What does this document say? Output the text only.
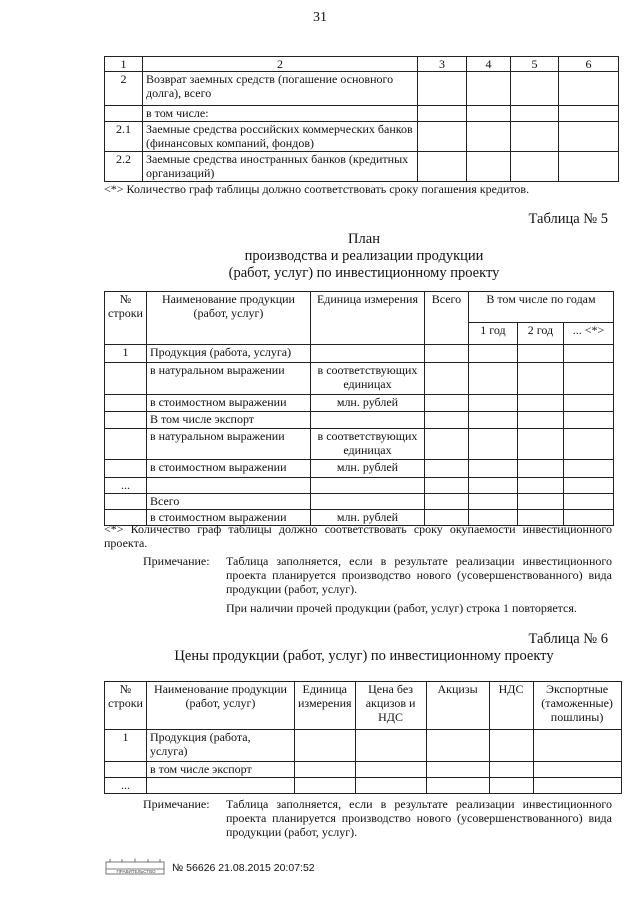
31
1	2	3	4	5	6
2	Возврат заемных средств (погашение основного долга), всего				
	в том числе:				
2.1	Заемные средства российских коммерческих банков (финансовых компаний, фондов)				
2.2	Заемные средства иностранных банков (кредитных организаций)				
<*> Количество граф таблицы должно соответствовать сроку погашения кредитов.
Таблица № 5
План
производства и реализации продукции
(работ, услуг) по инвестиционному проекту
№ строки	Наименование продукции (работ, услуг)	Единица измерения	Всего	В том числе по годам		
				1 год	2 год	... <*>
1	Продукция (работа, услуга)					
	в натуральном выражении	в соответствующих единицах				
	в стоимостном выражении	млн. рублей				
	В том числе экспорт					
	в натуральном выражении	в соответствующих единицах				
	в стоимостном выражении	млн. рублей				
...						
	Всего					
	в стоимостном выражении	млн. рублей				
<*> Количество граф таблицы должно соответствовать сроку окупаемости инвестиционного проекта.
Примечание: Таблица заполняется, если в результате реализации инвестиционного проекта планируется производство нового (усовершенствованного) вида продукции (работ, услуг).
При наличии прочей продукции (работ, услуг) строка 1 повторяется.
Таблица № 6
Цены продукции (работ, услуг) по инвестиционному проекту
№ строки	Наименование продукции (работ, услуг)	Единица измерения	Цена без акцизов и НДС	Акцизы	НДС	Экспортные (таможенные) пошлины)
1	Продукция (работа, услуга)					
	в том числе экспорт					
...						
Примечание: Таблица заполняется, если в результате реализации инвестиционного проекта планируется производство нового (усовершенствованного) вида продукции (работ, услуг).
ПРАВИТЕЛЬСТВО	№ 56626 21.08.2015 20:07:52
